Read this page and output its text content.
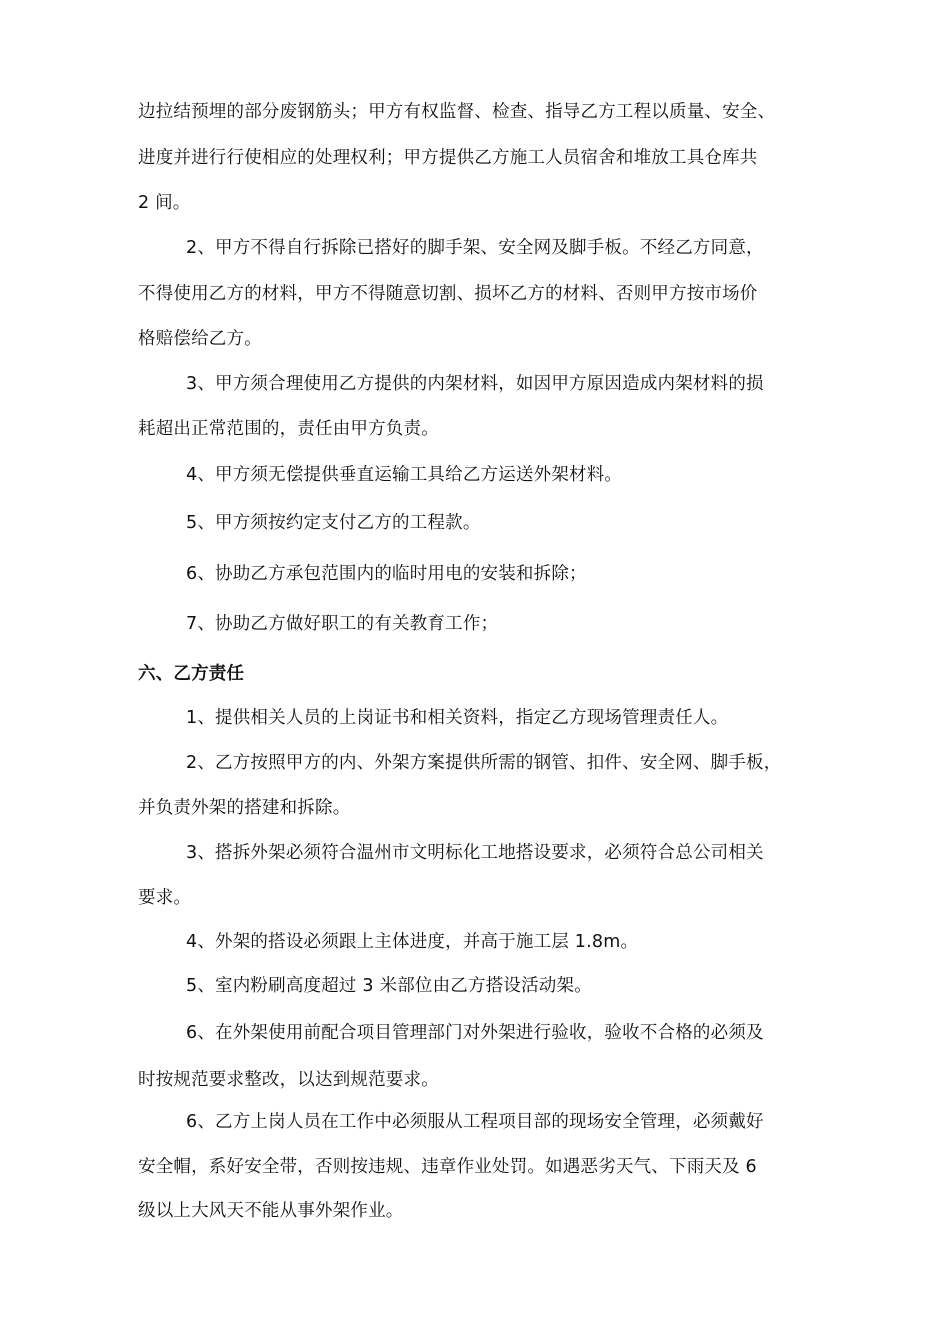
边拉结预埋的部分废钢筋头；甲方有权监督、检查、指导乙方工程以质量、安全、
进度并进行行使相应的处理权利；甲方提供乙方施工人员宿舍和堆放工具仓库共
2 间。
2、甲方不得自行拆除已搭好的脚手架、安全网及脚手板。不经乙方同意，
不得使用乙方的材料，甲方不得随意切割、损坏乙方的材料、否则甲方按市场价
格赔偿给乙方。
3、甲方须合理使用乙方提供的内架材料，如因甲方原因造成内架材料的损
耗超出正常范围的，责任由甲方负责。
4、甲方须无偿提供垂直运输工具给乙方运送外架材料。
5、甲方须按约定支付乙方的工程款。
6、协助乙方承包范围内的临时用电的安装和拆除；
7、协助乙方做好职工的有关教育工作；
六、乙方责任
1、提供相关人员的上岗证书和相关资料，指定乙方现场管理责任人。
2、乙方按照甲方的内、外架方案提供所需的钢管、扣件、安全网、脚手板，
并负责外架的搭建和拆除。
3、搭拆外架必须符合温州市文明标化工地搭设要求，必须符合总公司相关
要求。
4、外架的搭设必须跟上主体进度，并高于施工层 1.8m。
5、室内粉刷高度超过 3 米部位由乙方搭设活动架。
6、在外架使用前配合项目管理部门对外架进行验收，验收不合格的必须及
时按规范要求整改，以达到规范要求。
6、乙方上岗人员在工作中必须服从工程项目部的现场安全管理，必须戴好
安全帽，系好安全带，否则按违规、违章作业处罚。如遇恶劣天气、下雨天及 6
级以上大风天不能从事外架作业。
